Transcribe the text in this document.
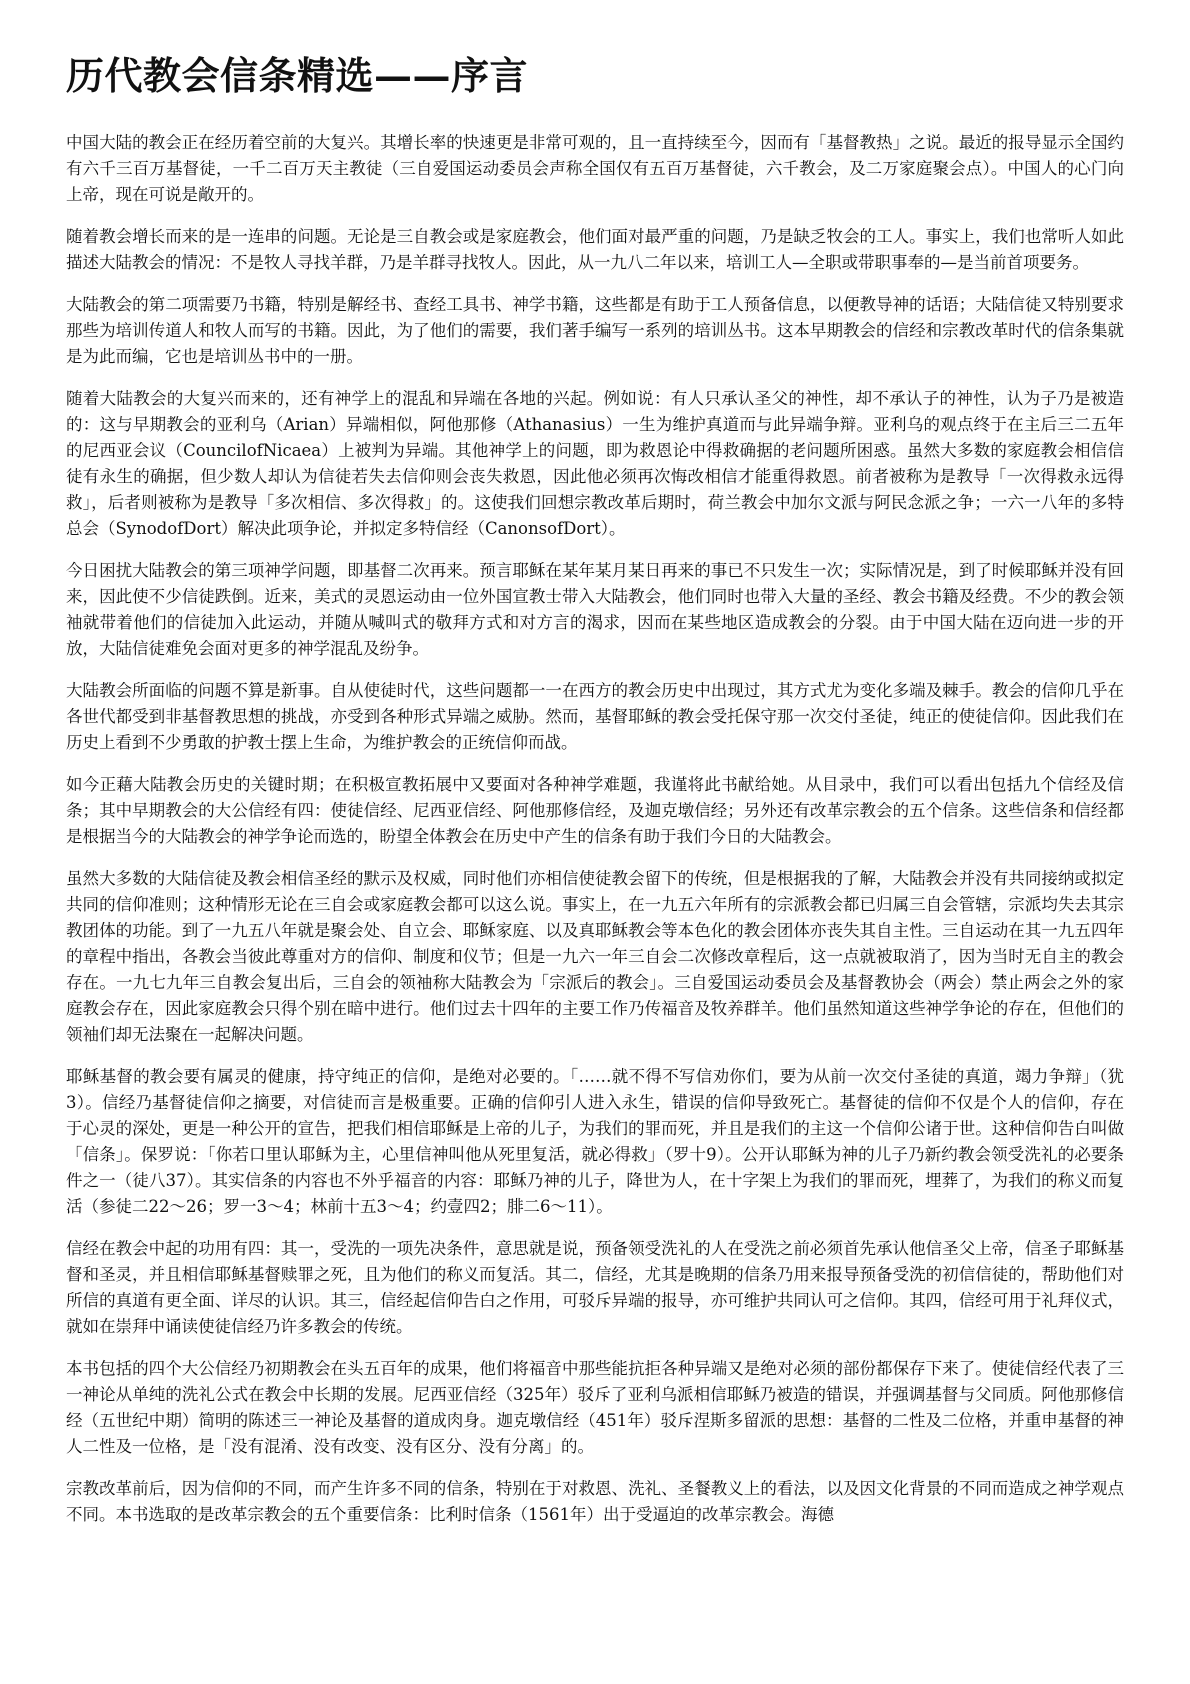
历代教会信条精选——序言

中国大陆的教会正在经历着空前的大复兴。其增长率的快速更是非常可观的，且一直持续至今，因而有「基督教热」之说。最近的报导显示全国约有六千三百万基督徒，一千二百万天主教徒（三自爱国运动委员会声称全国仅有五百万基督徒，六千教会，及二万家庭聚会点）。中国人的心门向上帝，现在可说是敞开的。

随着教会增长而来的是一连串的问题。无论是三自教会或是家庭教会，他们面对最严重的问题，乃是缺乏牧会的工人。事实上，我们也常听人如此描述大陆教会的情况：不是牧人寻找羊群，乃是羊群寻找牧人。因此，从一九八二年以来，培训工人—全职或带职事奉的—是当前首项要务。

大陆教会的第二项需要乃书籍，特别是解经书、查经工具书、神学书籍，这些都是有助于工人预备信息，以便教导神的话语；大陆信徒又特别要求那些为培训传道人和牧人而写的书籍。因此，为了他们的需要，我们著手编写一系列的培训丛书。这本早期教会的信经和宗教改革时代的信条集就是为此而编，它也是培训丛书中的一册。

随着大陆教会的大复兴而来的，还有神学上的混乱和异端在各地的兴起。例如说：有人只承认圣父的神性，却不承认子的神性，认为子乃是被造的：这与早期教会的亚利乌（Arian）异端相似，阿他那修（Athanasius）一生为维护真道而与此异端争辩。亚利乌的观点终于在主后三二五年的尼西亚会议（CouncilofNicaea）上被判为异端。其他神学上的问题，即为救恩论中得救确据的老问题所困惑。虽然大多数的家庭教会相信信徒有永生的确据，但少数人却认为信徒若失去信仰则会丧失救恩，因此他必须再次悔改相信才能重得救恩。前者被称为是教导「一次得救永远得救」，后者则被称为是教导「多次相信、多次得救」的。这使我们回想宗教改革后期时，荷兰教会中加尔文派与阿民念派之争；一六一八年的多特总会（SynodofDort）解决此项争论，并拟定多特信经（CanonsofDort）。

今日困扰大陆教会的第三项神学问题，即基督二次再来。预言耶稣在某年某月某日再来的事已不只发生一次；实际情况是，到了时候耶稣并没有回来，因此使不少信徒跌倒。近来，美式的灵恩运动由一位外国宣教士带入大陆教会，他们同时也带入大量的圣经、教会书籍及经费。不少的教会领袖就带着他们的信徒加入此运动，并随从喊叫式的敬拜方式和对方言的渴求，因而在某些地区造成教会的分裂。由于中国大陆在迈向进一步的开放，大陆信徒难免会面对更多的神学混乱及纷争。

大陆教会所面临的问题不算是新事。自从使徒时代，这些问题都一一在西方的教会历史中出现过，其方式尤为变化多端及棘手。教会的信仰几乎在各世代都受到非基督教思想的挑战，亦受到各种形式异端之威胁。然而，基督耶稣的教会受托保守那一次交付圣徒，纯正的使徒信仰。因此我们在历史上看到不少勇敢的护教士摆上生命，为维护教会的正统信仰而战。

如今正藉大陆教会历史的关键时期；在积极宣教拓展中又要面对各种神学难题，我谨将此书献给她。从目录中，我们可以看出包括九个信经及信条；其中早期教会的大公信经有四：使徒信经、尼西亚信经、阿他那修信经，及迦克墩信经；另外还有改革宗教会的五个信条。这些信条和信经都是根据当今的大陆教会的神学争论而选的，盼望全体教会在历史中产生的信条有助于我们今日的大陆教会。

虽然大多数的大陆信徒及教会相信圣经的默示及权威，同时他们亦相信使徒教会留下的传统，但是根据我的了解，大陆教会并没有共同接纳或拟定共同的信仰准则；这种情形无论在三自会或家庭教会都可以这么说。事实上，在一九五六年所有的宗派教会都已归属三自会管辖，宗派均失去其宗教团体的功能。到了一九五八年就是聚会处、自立会、耶稣家庭、以及真耶稣教会等本色化的教会团体亦丧失其自主性。三自运动在其一九五四年的章程中指出，各教会当彼此尊重对方的信仰、制度和仪节；但是一九六一年三自会二次修改章程后，这一点就被取消了，因为当时无自主的教会存在。一九七九年三自教会复出后，三自会的领袖称大陆教会为「宗派后的教会」。三自爱国运动委员会及基督教协会（两会）禁止两会之外的家庭教会存在，因此家庭教会只得个别在暗中进行。他们过去十四年的主要工作乃传福音及牧养群羊。他们虽然知道这些神学争论的存在，但他们的领袖们却无法聚在一起解决问题。

耶稣基督的教会要有属灵的健康，持守纯正的信仰，是绝对必要的。「……就不得不写信劝你们，要为从前一次交付圣徒的真道，竭力争辩」（犹3）。信经乃基督徒信仰之摘要，对信徒而言是极重要。正确的信仰引人进入永生，错误的信仰导致死亡。基督徒的信仰不仅是个人的信仰，存在于心灵的深处，更是一种公开的宣告，把我们相信耶稣是上帝的儿子，为我们的罪而死，并且是我们的主这一个信仰公诸于世。这种信仰告白叫做「信条」。保罗说：「你若口里认耶稣为主，心里信神叫他从死里复活，就必得救」（罗十9）。公开认耶稣为神的儿子乃新约教会领受洗礼的必要条件之一（徒八37）。其实信条的内容也不外乎福音的内容：耶稣乃神的儿子，降世为人，在十字架上为我们的罪而死，埋葬了，为我们的称义而复活（参徒二22～26；罗一3～4；林前十五3～4；约壹四2；腓二6～11）。

信经在教会中起的功用有四：其一，受洗的一项先决条件，意思就是说，预备领受洗礼的人在受洗之前必须首先承认他信圣父上帝，信圣子耶稣基督和圣灵，并且相信耶稣基督赎罪之死，且为他们的称义而复活。其二，信经，尤其是晚期的信条乃用来报导预备受洗的初信信徒的，帮助他们对所信的真道有更全面、详尽的认识。其三，信经起信仰告白之作用，可驳斥异端的报导，亦可维护共同认可之信仰。其四，信经可用于礼拜仪式，就如在崇拜中诵读使徒信经乃许多教会的传统。

本书包括的四个大公信经乃初期教会在头五百年的成果，他们将福音中那些能抗拒各种异端又是绝对必须的部份都保存下来了。使徒信经代表了三一神论从单纯的洗礼公式在教会中长期的发展。尼西亚信经（325年）驳斥了亚利乌派相信耶稣乃被造的错误，并强调基督与父同质。阿他那修信经（五世纪中期）简明的陈述三一神论及基督的道成肉身。迦克墩信经（451年）驳斥涅斯多留派的思想：基督的二性及二位格，并重申基督的神人二性及一位格，是「没有混淆、没有改变、没有区分、没有分离」的。

宗教改革前后，因为信仰的不同，而产生许多不同的信条，特别在于对救恩、洗礼、圣餐教义上的看法，以及因文化背景的不同而造成之神学观点不同。本书选取的是改革宗教会的五个重要信条：比利时信条（1561年）出于受逼迫的改革宗教会。海德
